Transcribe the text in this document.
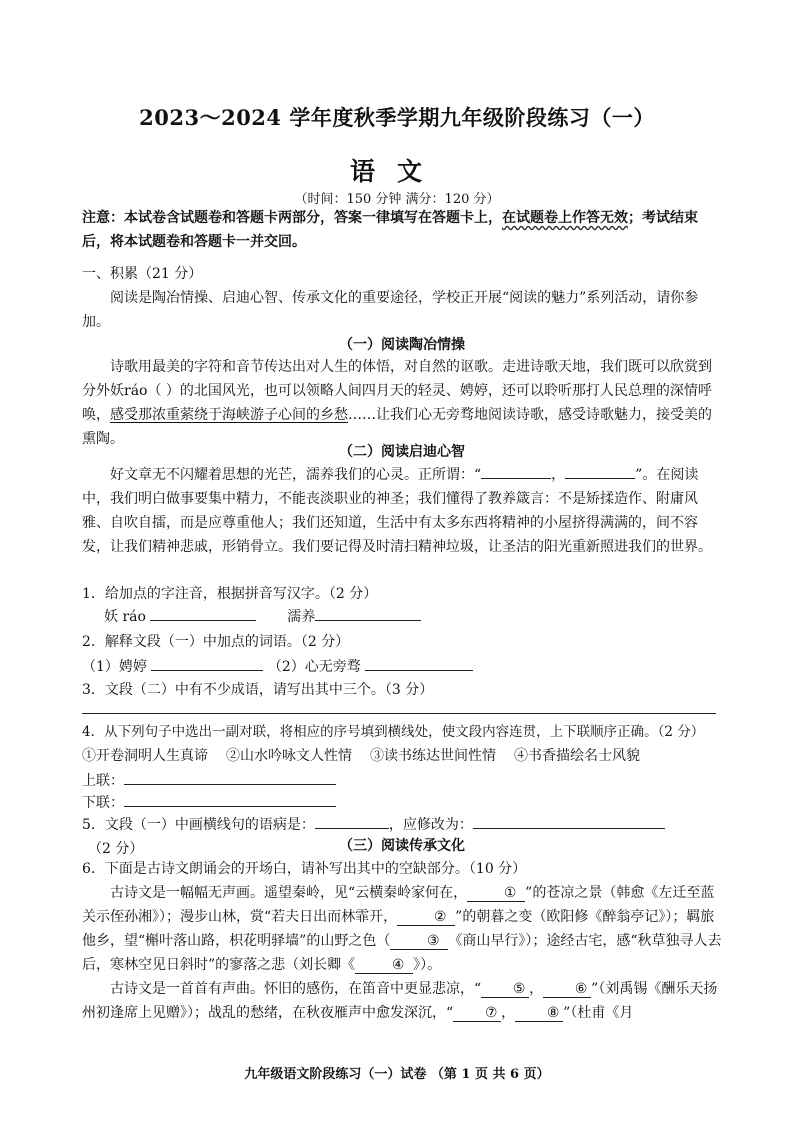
2023～2024 学年度秋季学期九年级阶段练习（一）
语文
（时间：150 分钟 满分：120 分）
注意：本试卷含试题卷和答题卡两部分，答案一律填写在答题卡上，在试题卷上作答无效；考试结束后，将本试题卷和答题卡一并交回。
一、积累（21 分）
阅读是陶冶情操、启迪心智、传承文化的重要途径，学校正开展“阅读的魅力”系列活动，请你参加。
（一）阅读陶冶情操
诗歌用最美的字符和音节传达出对人生的体悟，对自然的讴歌。走进诗歌天地，我们既可以欣赏到分外妖ráo（ ）的北国风光，也可以领略人间四月天的轻灵、娉婷，还可以聆听那打人民总理的深情呼唤，感受那浓重萦绕于海峡游子心间的乡愁……让我们心无旁骛地阅读诗歌，感受诗歌魅力，接受美的熏陶。
（二）阅读启迪心智
好文章无不闪耀着思想的光芒，濡养我们的心灵。正所谓：“	，	”。在阅读中，我们明白做事要集中精力，不能丧淡职业的神圣；我们懂得了教养箴言：不是矫揉造作、附庸风雅、自吹自擂，而是应尊重他人；我们还知道，生活中有太多东西将精神的小屋挤得满满的，间不容发，让我们精神悲戚，形销骨立。我们要记得及时清扫精神垃圾，让圣洁的阳光重新照进我们的世界。
1．给加点的字注音，根据拼音写汉字。（2 分）
妖 ráo	濡养
2．解释文段（一）中加点的词语。（2 分）
（1）娉婷	（2）心无旁骛
3．文段（二）中有不少成语，请写出其中三个。（3 分）
4．从下列句子中选出一副对联，将相应的序号填到横线处，使文段内容连贯，上下联顺序正确。（2 分）
①开卷洞明人生真谛 ②山水吟咏文人性情 ③读书练达世间性情 ④书香描绘名士风貌
上联：
下联：
5．文段（一）中画横线句的语病是：	，应修改为：（2 分）	（三）阅读传承文化
6．下面是古诗文朗诵会的开场白，请补写出其中的空缺部分。（10 分）
古诗文是一幅幅无声画。遥望秦岭，见“云横秦岭家何在，	① ”的苍凉之景（韩愈《左迁至蓝关示侄孙湘》）；漫步山林，赏“若夫日出而林霏开，	② ”的朝暮之变（欧阳修《醉翁亭记》）；羁旅他乡，望“槲叶落山路，枳花明驿墙”的山野之色（	③ 《商山早行》）；途经古宅，感“秋草独寻人去后，寒林空见日斜时”的寥落之悲（刘长卿《	④ 》）。
古诗文是一首首有声曲。怀旧的感伤，在笛音中更显悲凉，“ ⑤ ， ⑥ ”（刘禹锡《酬乐天扬州初逢席上见赠》）；战乱的愁绪，在秋夜雁声中愈发深沉，“ ⑦ ， ⑧ ”（杜甫《月
九年级语文阶段练习（一）试卷 （第 1 页 共 6 页）
